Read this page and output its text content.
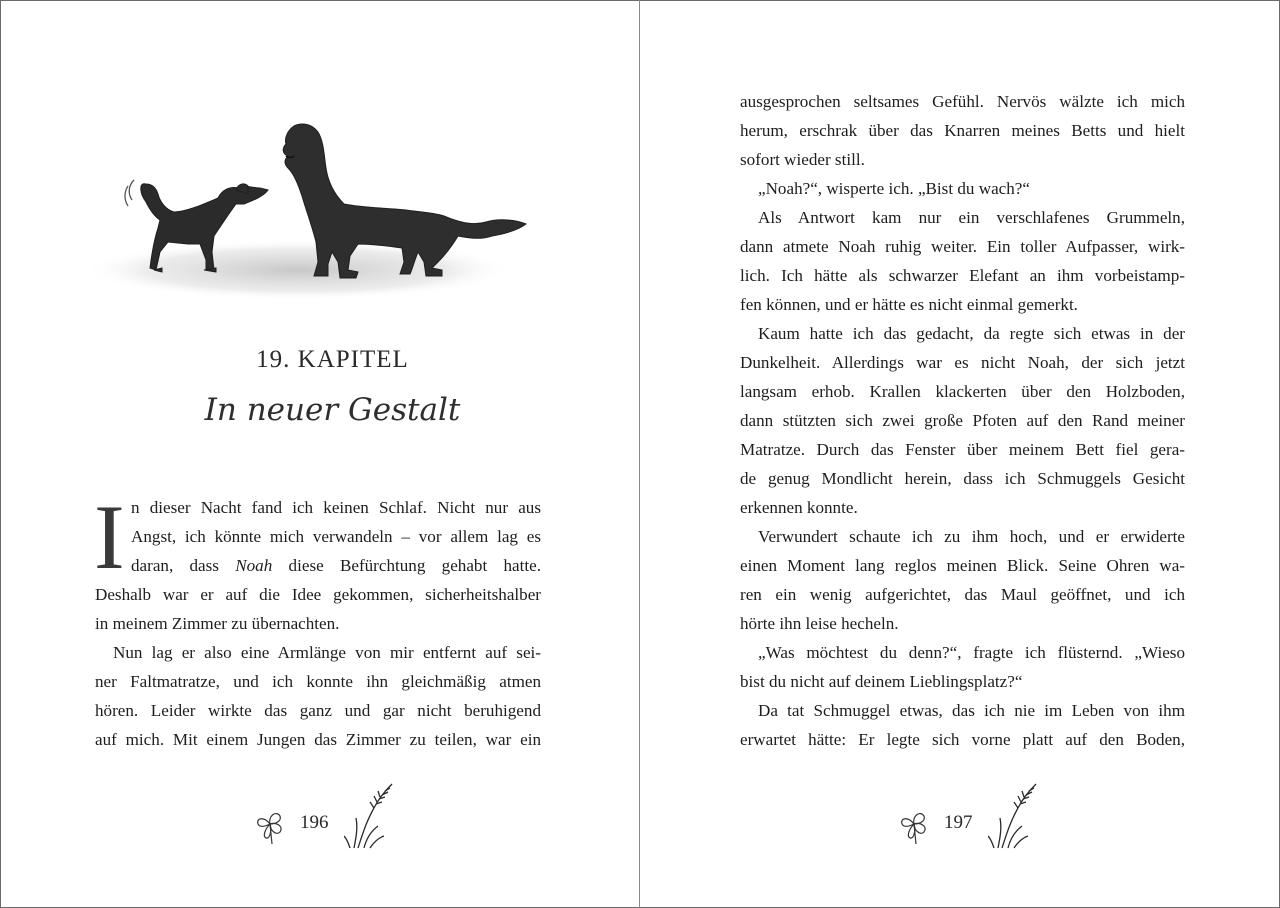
19. KAPITEL
In neuer Gestalt
I n dieser Nacht fand ich keinen Schlaf. Nicht nur aus
Angst, ich könnte mich verwandeln – vor allem lag es
daran, dass Noah diese Befürchtung gehabt hatte.
Deshalb war er auf die Idee gekommen, sicherheitshalber
in meinem Zimmer zu übernachten.
Nun lag er also eine Armlänge von mir entfernt auf sei-
ner Faltmatratze, und ich konnte ihn gleichmäßig atmen
hören. Leider wirkte das ganz und gar nicht beruhigend
auf mich. Mit einem Jungen das Zimmer zu teilen, war ein
196
ausgesprochen seltsames Gefühl. Nervös wälzte ich mich
herum, erschrak über das Knarren meines Betts und hielt
sofort wieder still.
„Noah?“, wisperte ich. „Bist du wach?“
Als Antwort kam nur ein verschlafenes Grummeln,
dann atmete Noah ruhig weiter. Ein toller Aufpasser, wirk-
lich. Ich hätte als schwarzer Elefant an ihm vorbeistamp-
fen können, und er hätte es nicht einmal gemerkt.
Kaum hatte ich das gedacht, da regte sich etwas in der
Dunkelheit. Allerdings war es nicht Noah, der sich jetzt
langsam erhob. Krallen klackerten über den Holzboden,
dann stützten sich zwei große Pfoten auf den Rand meiner
Matratze. Durch das Fenster über meinem Bett fiel gera-
de genug Mondlicht herein, dass ich Schmuggels Gesicht
erkennen konnte.
Verwundert schaute ich zu ihm hoch, und er erwiderte
einen Moment lang reglos meinen Blick. Seine Ohren wa-
ren ein wenig aufgerichtet, das Maul geöffnet, und ich
hörte ihn leise hecheln.
„Was möchtest du denn?“, fragte ich flüsternd. „Wieso
bist du nicht auf deinem Lieblingsplatz?“
Da tat Schmuggel etwas, das ich nie im Leben von ihm
erwartet hätte: Er legte sich vorne platt auf den Boden,
197
